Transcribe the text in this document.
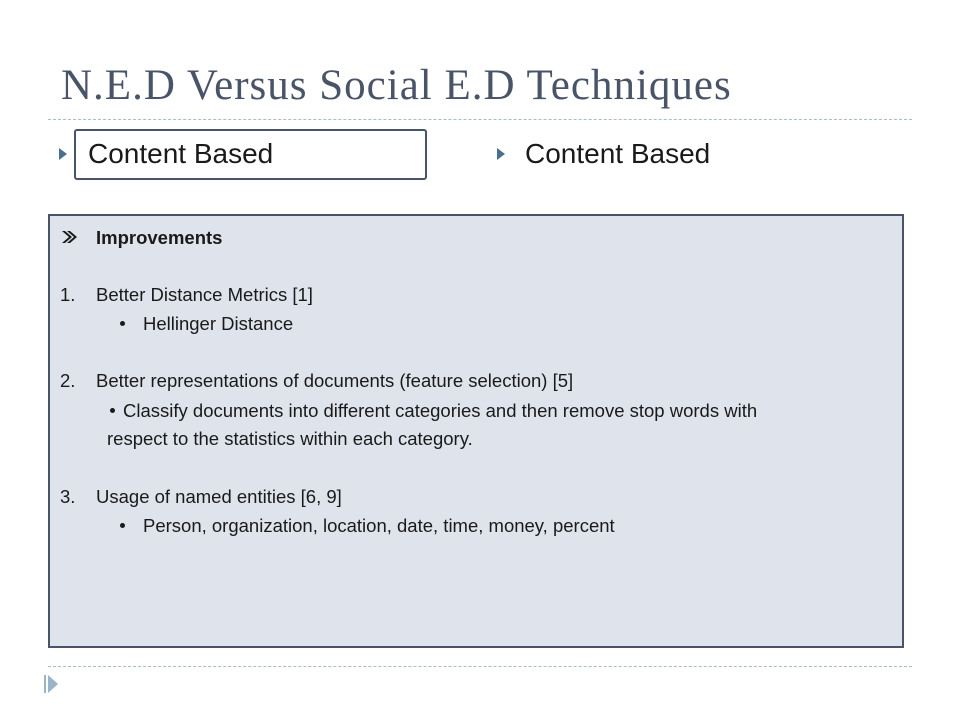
N.E.D Versus Social E.D Techniques
Content Based	Content Based
Improvements
1. Better Distance Metrics [1]
Hellinger Distance
2. Better representations of documents (feature selection) [5]
Classify documents into different categories and then remove stop words with
respect to the statistics within each category.
3. Usage of named entities [6, 9]
Person, organization, location, date, time, money, percent
